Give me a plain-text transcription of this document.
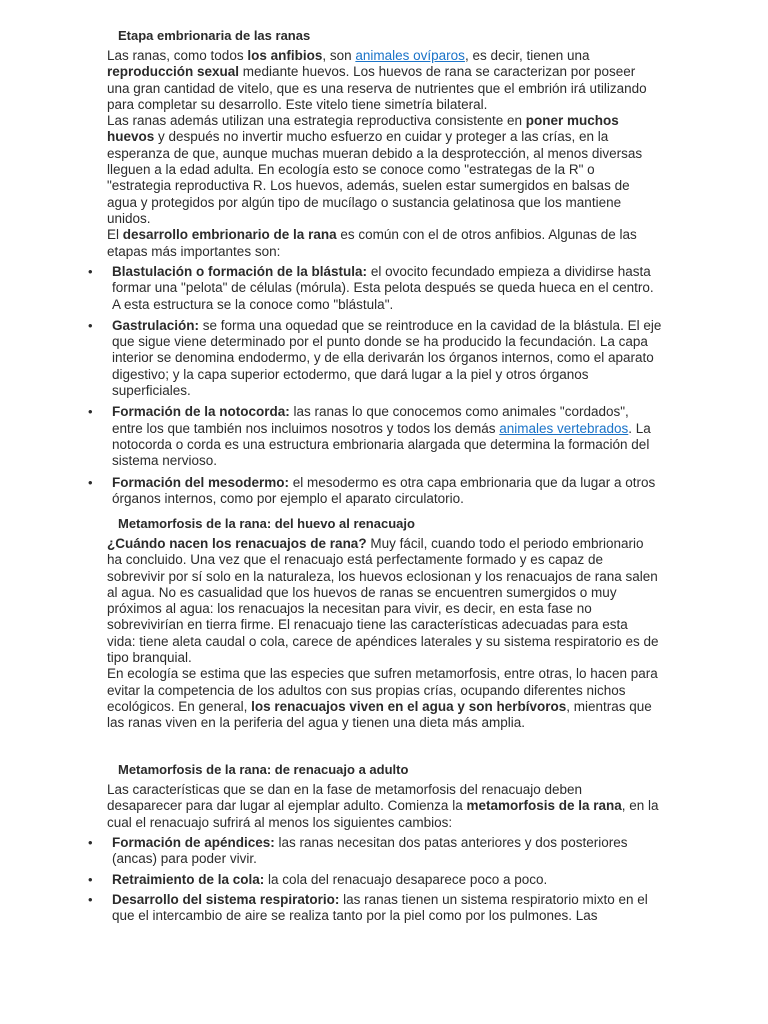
Etapa embrionaria de las ranas

Las ranas, como todos los anfibios, son animales ovíparos, es decir, tienen una reproducción sexual mediante huevos. Los huevos de rana se caracterizan por poseer una gran cantidad de vitelo, que es una reserva de nutrientes que el embrión irá utilizando para completar su desarrollo. Este vitelo tiene simetría bilateral.

Las ranas además utilizan una estrategia reproductiva consistente en poner muchos huevos y después no invertir mucho esfuerzo en cuidar y proteger a las crías, en la esperanza de que, aunque muchas mueran debido a la desprotección, al menos diversas lleguen a la edad adulta. En ecología esto se conoce como "estrategas de la R" o "estrategia reproductiva R. Los huevos, además, suelen estar sumergidos en balsas de agua y protegidos por algún tipo de mucílago o sustancia gelatinosa que los mantiene unidos.

El desarrollo embrionario de la rana es común con el de otros anfibios. Algunas de las etapas más importantes son:

• Blastulación o formación de la blástula: el ovocito fecundado empieza a dividirse hasta formar una "pelota" de células (mórula). Esta pelota después se queda hueca en el centro. A esta estructura se la conoce como "blástula".
• Gastrulación: se forma una oquedad que se reintroduce en la cavidad de la blástula. El eje que sigue viene determinado por el punto donde se ha producido la fecundación. La capa interior se denomina endodermo, y de ella derivarán los órganos internos, como el aparato digestivo; y la capa superior ectodermo, que dará lugar a la piel y otros órganos superficiales.
• Formación de la notocorda: las ranas lo que conocemos como animales "cordados", entre los que también nos incluimos nosotros y todos los demás animales vertebrados. La notocorda o corda es una estructura embrionaria alargada que determina la formación del sistema nervioso.
• Formación del mesodermo: el mesodermo es otra capa embrionaria que da lugar a otros órganos internos, como por ejemplo el aparato circulatorio.
Metamorfosis de la rana: del huevo al renacuajo

¿Cuándo nacen los renacuajos de rana? Muy fácil, cuando todo el periodo embrionario ha concluido. Una vez que el renacuajo está perfectamente formado y es capaz de sobrevivir por sí solo en la naturaleza, los huevos eclosionan y los renacuajos de rana salen al agua. No es casualidad que los huevos de ranas se encuentren sumergidos o muy próximos al agua: los renacuajos la necesitan para vivir, es decir, en esta fase no sobrevivirían en tierra firme. El renacuajo tiene las características adecuadas para esta vida: tiene aleta caudal o cola, carece de apéndices laterales y su sistema respiratorio es de tipo branquial.

En ecología se estima que las especies que sufren metamorfosis, entre otras, lo hacen para evitar la competencia de los adultos con sus propias crías, ocupando diferentes nichos ecológicos. En general, los renacuajos viven en el agua y son herbívoros, mientras que las ranas viven en la periferia del agua y tienen una dieta más amplia.

Metamorfosis de la rana: de renacuajo a adulto

Las características que se dan en la fase de metamorfosis del renacuajo deben desaparecer para dar lugar al ejemplar adulto. Comienza la metamorfosis de la rana, en la cual el renacuajo sufrirá al menos los siguientes cambios:

• Formación de apéndices: las ranas necesitan dos patas anteriores y dos posteriores (ancas) para poder vivir.
• Retraimiento de la cola: la cola del renacuajo desaparece poco a poco.
• Desarrollo del sistema respiratorio: las ranas tienen un sistema respiratorio mixto en el que el intercambio de aire se realiza tanto por la piel como por los pulmones. Las
